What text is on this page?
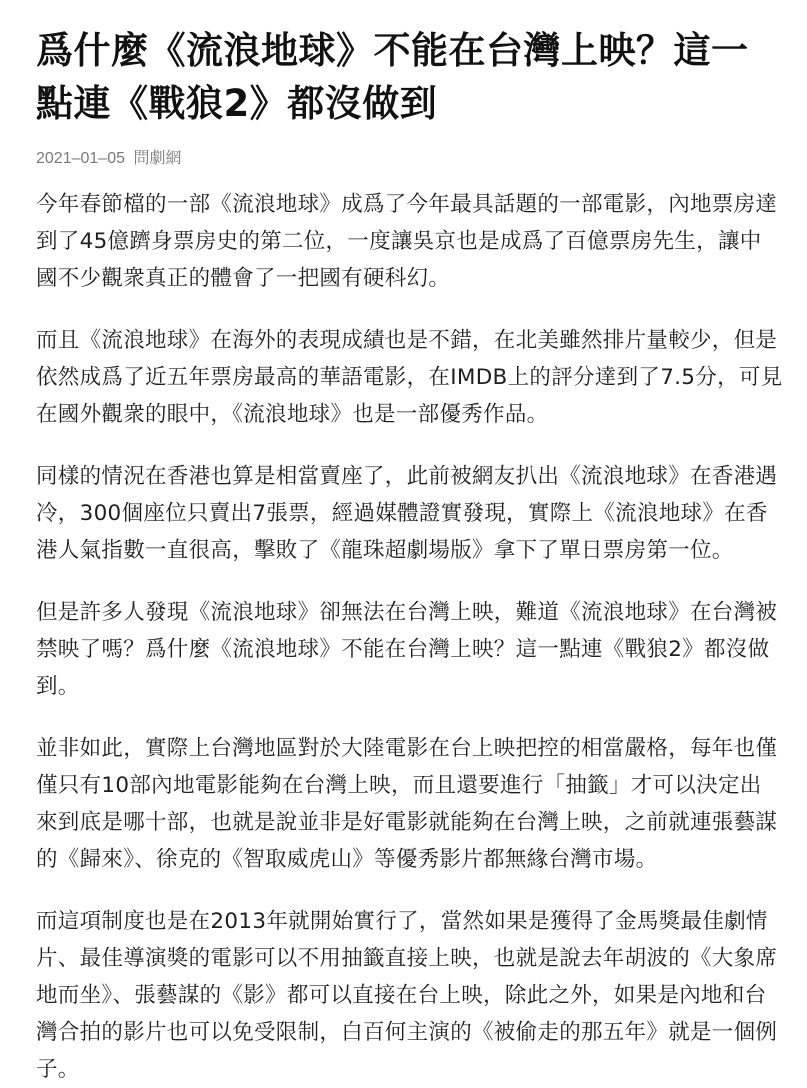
爲什麼《流浪地球》不能在台灣上映？這一點連《戰狼2》都沒做到
2021–01–05 問劇網

今年春節檔的一部《流浪地球》成爲了今年最具話題的一部電影，內地票房達到了45億躋身票房史的第二位，一度讓吳京也是成爲了百億票房先生，讓中國不少觀衆真正的體會了一把國有硬科幻。

而且《流浪地球》在海外的表現成績也是不錯，在北美雖然排片量較少，但是依然成爲了近五年票房最高的華語電影，在IMDB上的評分達到了7.5分，可見在國外觀衆的眼中，《流浪地球》也是一部優秀作品。

同樣的情況在香港也算是相當賣座了，此前被網友扒出《流浪地球》在香港遇冷，300個座位只賣出7張票，經過媒體證實發現，實際上《流浪地球》在香港人氣指數一直很高，擊敗了《龍珠超劇場版》拿下了單日票房第一位。

但是許多人發現《流浪地球》卻無法在台灣上映，難道《流浪地球》在台灣被禁映了嗎？爲什麼《流浪地球》不能在台灣上映？這一點連《戰狼2》都沒做到。

並非如此，實際上台灣地區對於大陸電影在台上映把控的相當嚴格，每年也僅僅只有10部內地電影能夠在台灣上映，而且還要進行「抽籤」才可以決定出來到底是哪十部，也就是說並非是好電影就能夠在台灣上映，之前就連張藝謀的《歸來》、徐克的《智取威虎山》等優秀影片都無緣台灣市場。

而這項制度也是在2013年就開始實行了，當然如果是獲得了金馬獎最佳劇情片、最佳導演獎的電影可以不用抽籤直接上映，也就是說去年胡波的《大象席地而坐》、張藝謀的《影》都可以直接在台上映，除此之外，如果是內地和台灣合拍的影片也可以免受限制，白百何主演的《被偷走的那五年》就是一個例子。
